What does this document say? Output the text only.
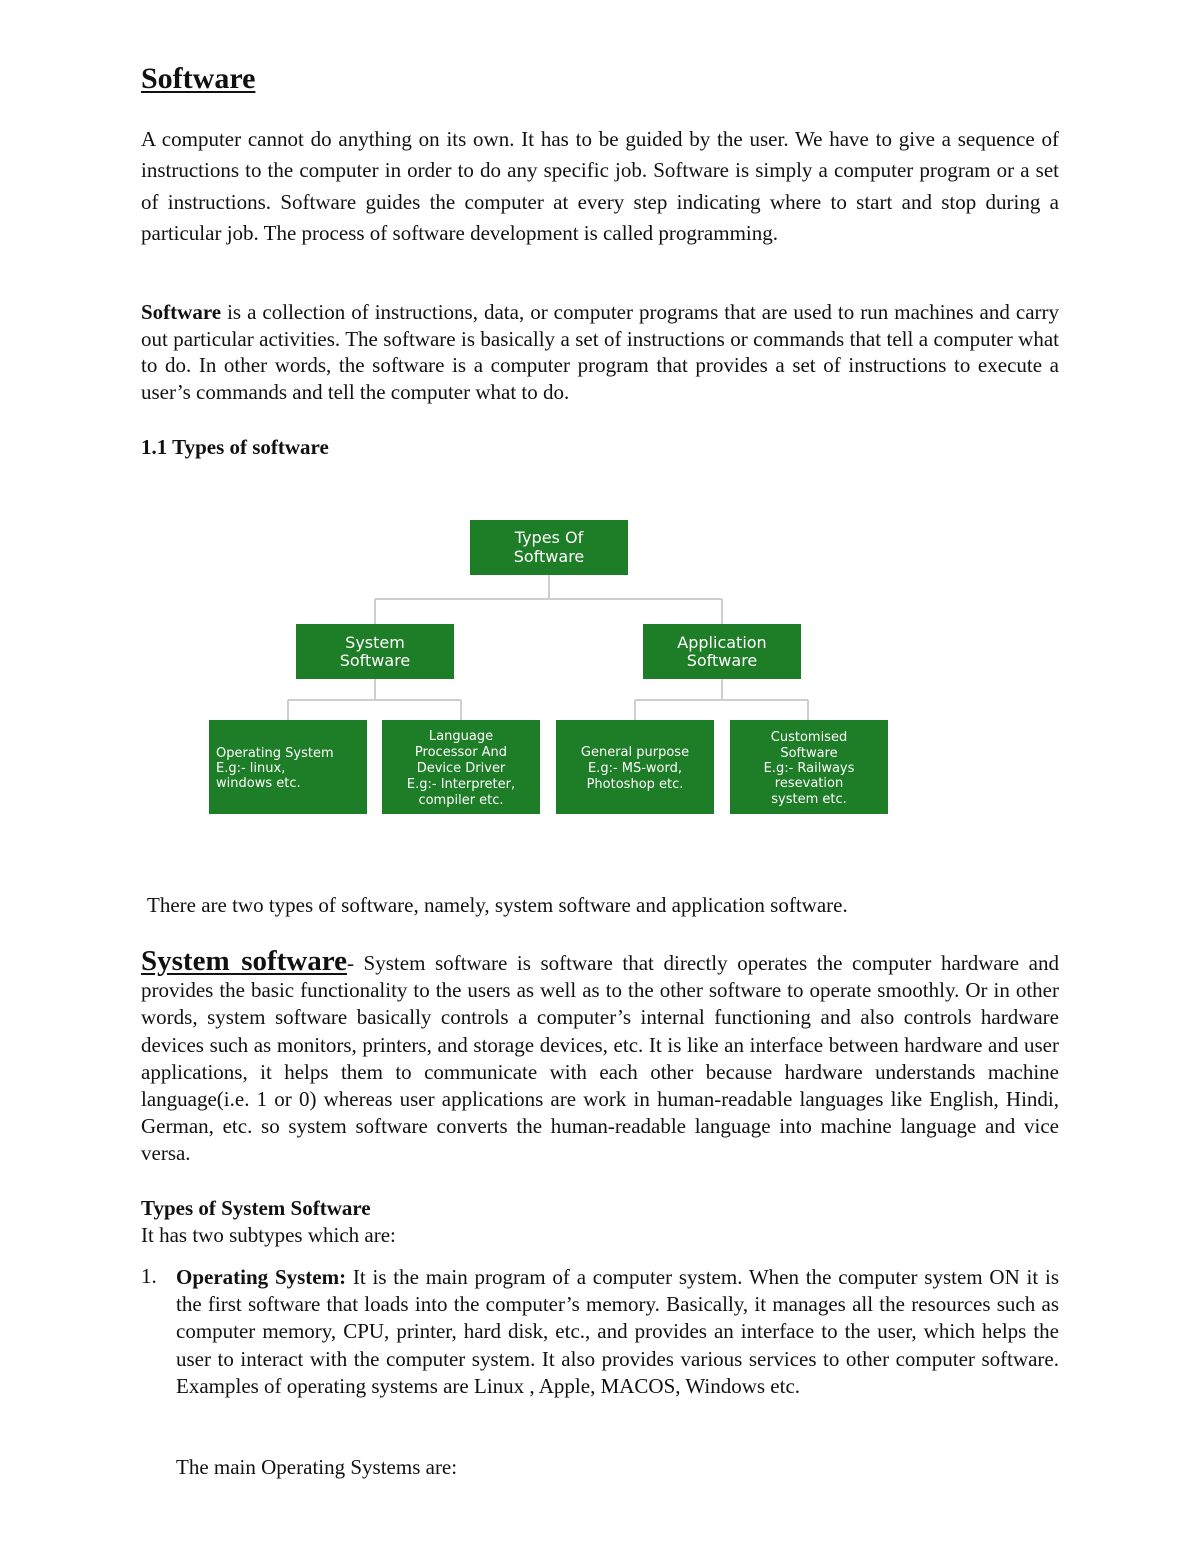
Software

A computer cannot do anything on its own. It has to be guided by the user. We have to give a sequence of instructions to the computer in order to do any specific job. Software is simply a computer program or a set of instructions. Software guides the computer at every step indicating where to start and stop during a particular job. The process of software development is called programming.

Software is a collection of instructions, data, or computer programs that are used to run machines and carry out particular activities. The software is basically a set of instructions or commands that tell a computer what to do. In other words, the software is a computer program that provides a set of instructions to execute a user’s commands and tell the computer what to do.

1.1 Types of software
Types Of
Software
System
Software
Application
Software
Operating System
E.g:- linux,
windows etc.
Language
Processor And
Device Driver
E.g:- Interpreter,
compiler etc.
General purpose
E.g:- MS-word,
Photoshop etc.
Customised
Software
E.g:- Railways
resevation
system etc.

There are two types of software, namely, system software and application software.

System software- System software is software that directly operates the computer hardware and provides the basic functionality to the users as well as to the other software to operate smoothly. Or in other words, system software basically controls a computer’s internal functioning and also controls hardware devices such as monitors, printers, and storage devices, etc. It is like an interface between hardware and user applications, it helps them to communicate with each other because hardware understands machine language(i.e. 1 or 0) whereas user applications are work in human-readable languages like English, Hindi, German, etc. so system software converts the human-readable language into machine language and vice versa.

Types of System Software

It has two subtypes which are:

1. Operating System: It is the main program of a computer system. When the computer system ON it is the first software that loads into the computer’s memory. Basically, it manages all the resources such as computer memory, CPU, printer, hard disk, etc., and provides an interface to the user, which helps the user to interact with the computer system. It also provides various services to other computer software. Examples of operating systems are Linux , Apple, MACOS, Windows etc.

The main Operating Systems are:
